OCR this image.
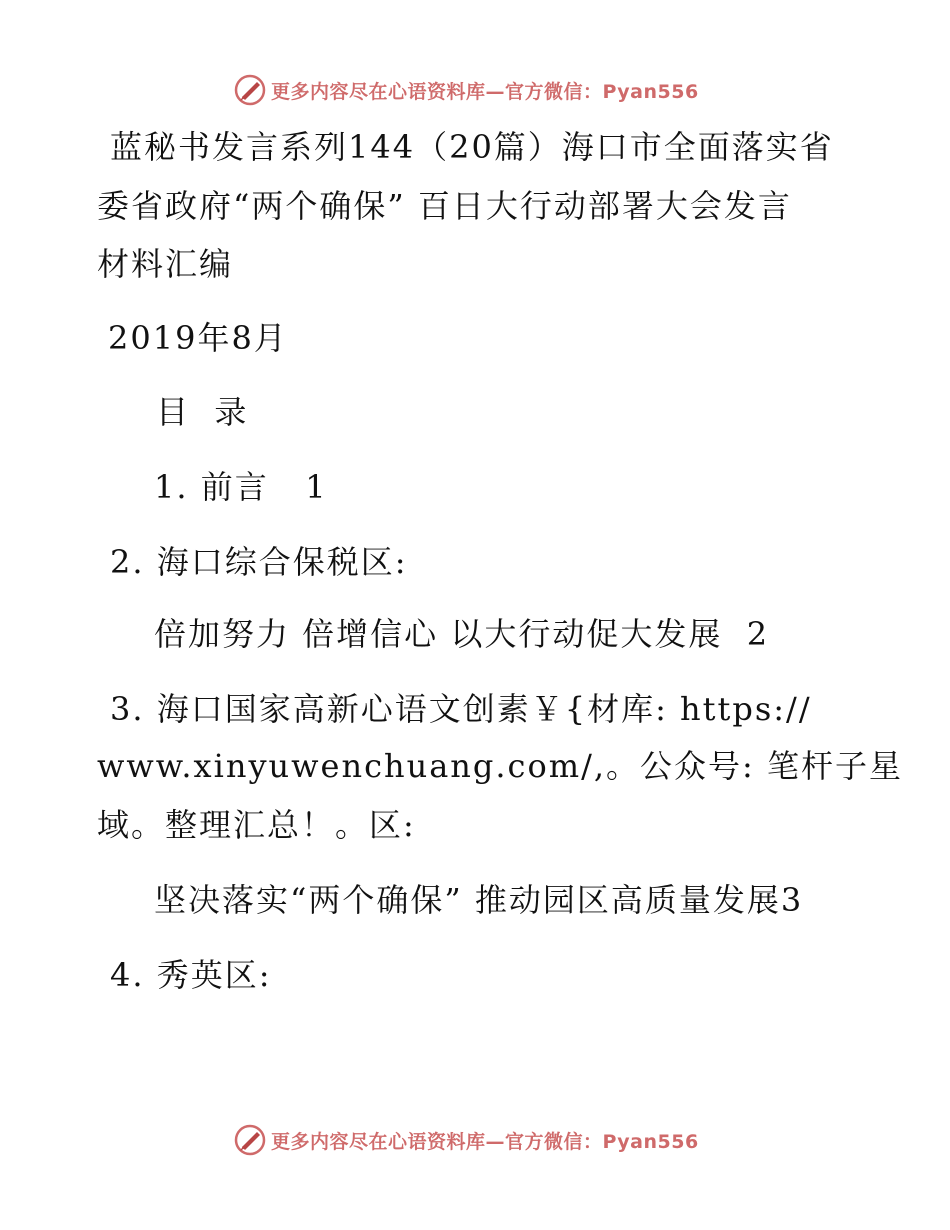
更多内容尽在心语资料库—官方微信：Pyan556
蓝秘书发言系列144（20篇）海口市全面落实省
委省政府“两个确保” 百日大行动部署大会发言
材料汇编
2019年8月
目  录
1. 前言   1
2. 海口综合保税区:
倍加努力 倍增信心 以大行动促大发展  2
3. 海口国家高新心语文创素￥{材库: https://
www.xinyuwenchuang.com/,。公众号: 笔杆子星
域。整理汇总！。区:
坚决落实“两个确保” 推动园区高质量发展3
4. 秀英区:
更多内容尽在心语资料库—官方微信：Pyan556
